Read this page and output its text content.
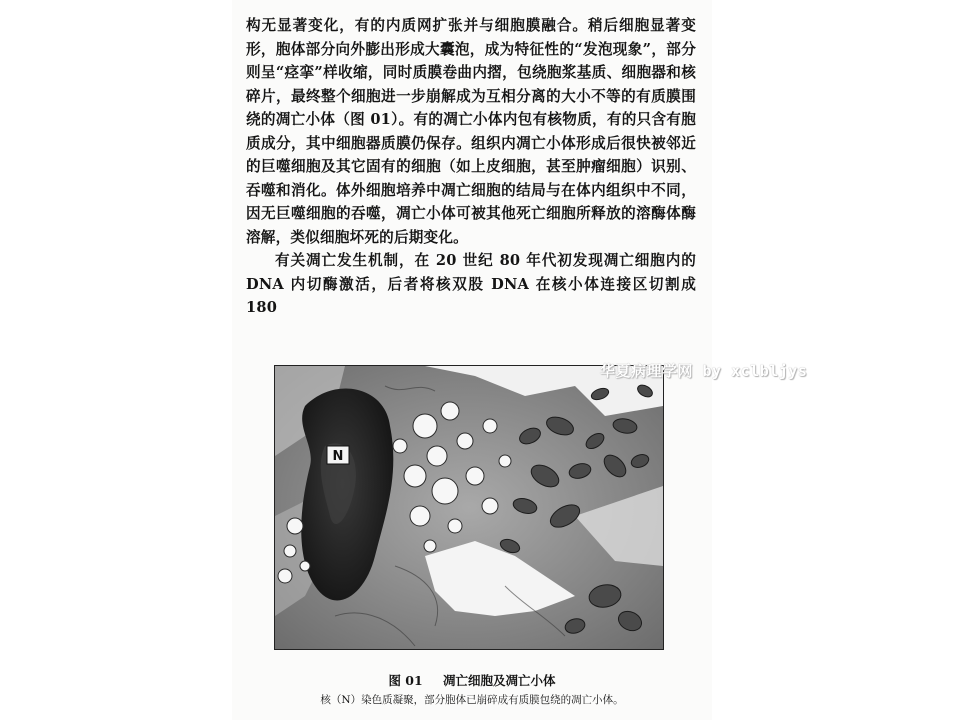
构无显著变化，有的内质网扩张并与细胞膜融合。稍后细胞显著变形，胞体部分向外膨出形成大囊泡，成为特征性的“发泡现象”，部分则呈“痉挛”样收缩，同时质膜卷曲内摺，包绕胞浆基质、细胞器和核碎片，最终整个细胞进一步崩解成为互相分离的大小不等的有质膜围绕的凋亡小体（图 01）。有的凋亡小体内包有核物质，有的只含有胞质成分，其中细胞器质膜仍保存。组织内凋亡小体形成后很快被邻近的巨噬细胞及其它固有的细胞（如上皮细胞，甚至肿瘤细胞）识别、吞噬和消化。体外细胞培养中凋亡细胞的结局与在体内组织中不同，因无巨噬细胞的吞噬，凋亡小体可被其他死亡细胞所释放的溶酶体酶溶解，类似细胞坏死的后期变化。

有关凋亡发生机制，在 20 世纪 80 年代初发现凋亡细胞内的 DNA 内切酶激活，后者将核双股 DNA 在核小体连接区切割成 180

N
华夏病理学网 by xclbljys
图 01 凋亡细胞及凋亡小体
核（N）染色质凝聚，部分胞体已崩碎成有质膜包绕的凋亡小体。
